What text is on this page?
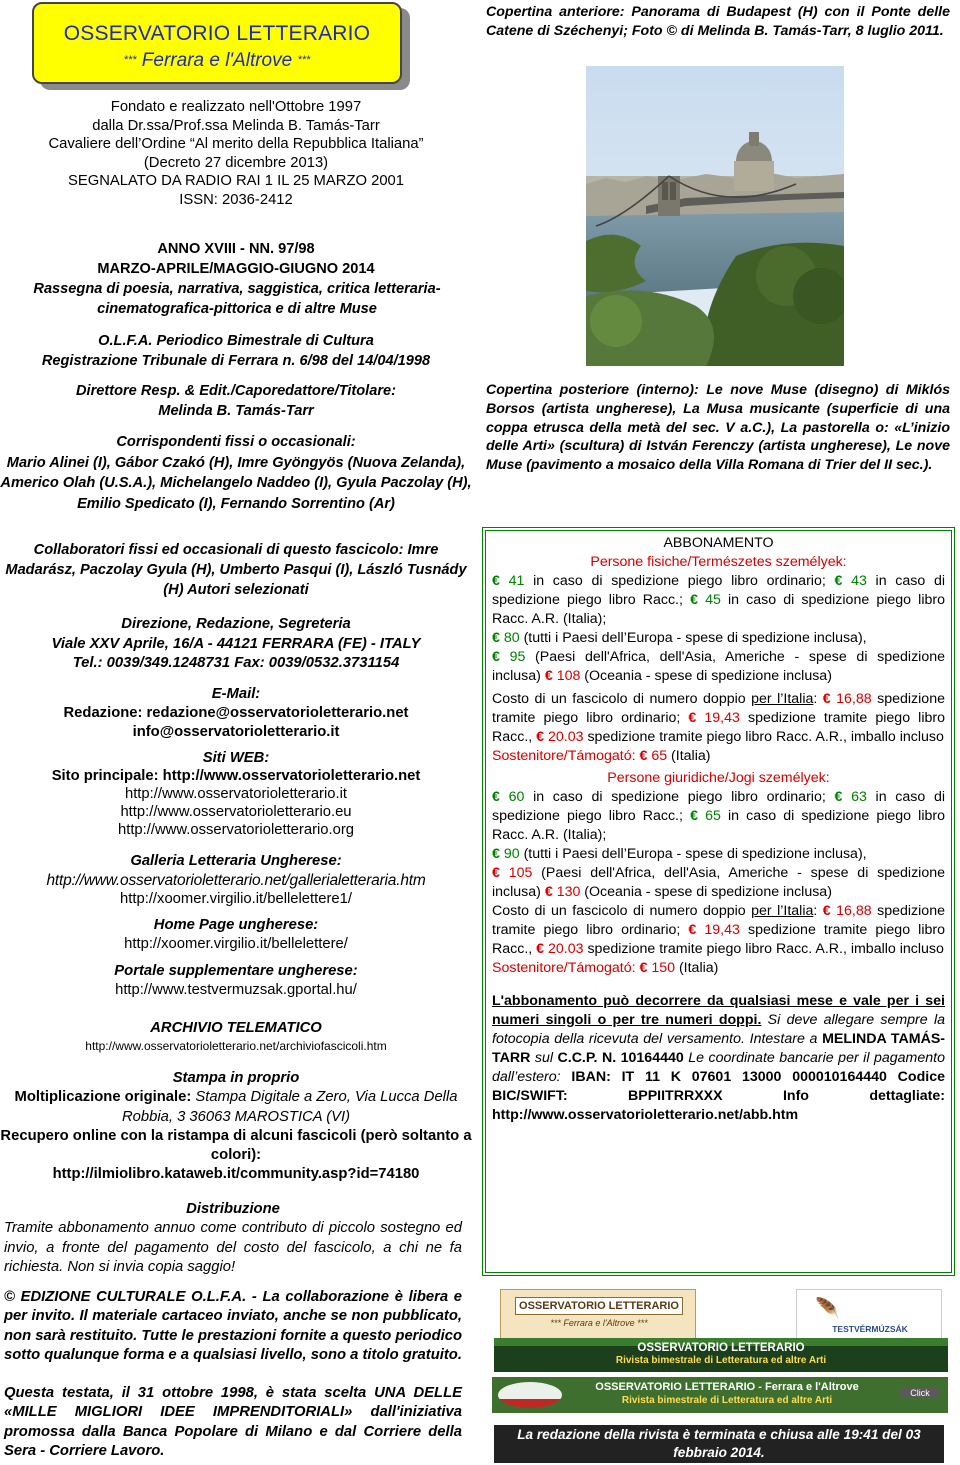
OSSERVATORIO LETTERARIO
*** Ferrara e l'Altrove ***
Fondato e realizzato nell'Ottobre 1997
dalla Dr.ssa/Prof.ssa Melinda B. Tamás-Tarr
Cavaliere dell’Ordine “Al merito della Repubblica Italiana”
(Decreto 27 dicembre 2013)
SEGNALATO DA RADIO RAI 1 IL 25 MARZO 2001
ISSN: 2036-2412
ANNO XVIII - NN. 97/98
MARZO-APRILE/MAGGIO-GIUGNO 2014
Rassegna di poesia, narrativa, saggistica, critica letteraria-cinematografica-pittorica e di altre Muse
O.L.F.A. Periodico Bimestrale di Cultura
Registrazione Tribunale di Ferrara n. 6/98 del 14/04/1998
Direttore Resp. & Edit./Caporedattore/Titolare:
Melinda B. Tamás-Tarr
Corrispondenti fissi o occasionali:
Mario Alinei (I), Gábor Czakó (H), Imre Gyöngyös (Nuova Zelanda), Americo Olah (U.S.A.), Michelangelo Naddeo (I), Gyula Paczolay (H), Emilio Spedicato (I), Fernando Sorrentino (Ar)
Collaboratori fissi ed occasionali di questo fascicolo: Imre Madarász, Paczolay Gyula (H), Umberto Pasqui (I), László Tusnády (H) Autori selezionati
Direzione, Redazione, Segreteria
Viale XXV Aprile, 16/A - 44121 FERRARA (FE) - ITALY
Tel.: 0039/349.1248731 Fax: 0039/0532.3731154
E-Mail:
Redazione: redazione@osservatorioletterario.net
info@osservatorioletterario.it
Siti WEB:
Sito principale: http://www.osservatorioletterario.net
http://www.osservatorioletterario.it
http://www.osservatorioletterario.eu
http://www.osservatorioletterario.org
Galleria Letteraria Ungherese:
http://www.osservatorioletterario.net/gallerialetteraria.htm
http://xoomer.virgilio.it/bellelettere1/
Home Page ungherese:
http://xoomer.virgilio.it/bellelettere/
Portale supplementare ungherese:
http://www.testvermuzsak.gportal.hu/
ARCHIVIO TELEMATICO
http://www.osservatorioletterario.net/archiviofascicoli.htm
Stampa in proprio
Moltiplicazione originale: Stampa Digitale a Zero, Via Lucca Della Robbia, 3 36063 MAROSTICA (VI)
Recupero online con la ristampa di alcuni fascicoli (però soltanto a colori):
http://ilmiolibro.kataweb.it/community.asp?id=74180
Distribuzione
Tramite abbonamento annuo come contributo di piccolo sostegno ed invio, a fronte del pagamento del costo del fascicolo, a chi ne fa richiesta. Non si invia copia saggio!
© EDIZIONE CULTURALE O.L.F.A. - La collaborazione è libera e per invito. Il materiale cartaceo inviato, anche se non pubblicato, non sarà restituito. Tutte le prestazioni fornite a questo periodico sotto qualunque forma e a qualsiasi livello, sono a titolo gratuito.
Questa testata, il 31 ottobre 1998, è stata scelta UNA DELLE «MILLE MIGLIORI IDEE IMPRENDITORIALI» dall'iniziativa promossa dalla Banca Popolare di Milano e dal Corriere della Sera - Corriere Lavoro.
Copertina anteriore: Panorama di Budapest (H) con il Ponte delle Catene di Széchenyi; Foto © di Melinda B. Tamás-Tarr, 8 luglio 2011.
Copertina posteriore (interno): Le nove Muse (disegno) di Miklós Borsos (artista ungherese), La Musa musicante (superficie di una coppa etrusca della metà del sec. V a.C.), La pastorella o: «L’inizio delle Arti» (scultura) di István Ferenczy (artista ungherese), Le nove Muse (pavimento a mosaico della Villa Romana di Trier del II sec.).
ABBONAMENTO
Persone fisiche/Természetes személyek:
€ 41 in caso di spedizione piego libro ordinario; € 43 in caso di spedizione piego libro Racc.; € 45 in caso di spedizione piego libro Racc. A.R. (Italia);
€ 80 (tutti i Paesi dell’Europa - spese di spedizione inclusa),
€ 95 (Paesi dell'Africa, dell'Asia, Americhe - spese di spedizione inclusa) € 108 (Oceania - spese di spedizione inclusa)
Costo di un fascicolo di numero doppio per l’Italia: € 16,88 spedizione tramite piego libro ordinario; € 19,43 spedizione tramite piego libro Racc., € 20.03 spedizione tramite piego libro Racc. A.R., imballo incluso
Sostenitore/Támogató: € 65 (Italia)
Persone giuridiche/Jogi személyek:
€ 60 in caso di spedizione piego libro ordinario; € 63 in caso di spedizione piego libro Racc.; € 65 in caso di spedizione piego libro Racc. A.R. (Italia);
€ 90 (tutti i Paesi dell’Europa - spese di spedizione inclusa),
€ 105 (Paesi dell'Africa, dell'Asia, Americhe - spese di spedizione inclusa) € 130 (Oceania - spese di spedizione inclusa)
Costo di un fascicolo di numero doppio per l’Italia: € 16,88 spedizione tramite piego libro ordinario; € 19,43 spedizione tramite piego libro Racc., € 20.03 spedizione tramite piego libro Racc. A.R., imballo incluso
Sostenitore/Támogató: € 150 (Italia)
L'abbonamento può decorrere da qualsiasi mese e vale per i sei numeri singoli o per tre numeri doppi. Si deve allegare sempre la fotocopia della ricevuta del versamento. Intestare a MELINDA TAMÁS-TARR sul C.C.P. N. 10164440 Le coordinate bancarie per il pagamento dall’estero: IBAN: IT 11 K 07601 13000 000010164440 Codice BIC/SWIFT: BPPIITRRXXX Info dettagliate: http://www.osservatorioletterario.net/abb.htm
OSSERVATORIO LETTERARIO
*** Ferrara e l'Altrove ***
🪶
TESTVÉRMÚZSÁK
OSSERVATORIO LETTERARIO
Rivista bimestrale di Letteratura ed altre Arti
OSSERVATORIO LETTERARIO - Ferrara e l'Altrove
Rivista bimestrale di Letteratura ed altre Arti
Click
La redazione della rivista è terminata e chiusa alle 19:41 del 03 febbraio 2014.
